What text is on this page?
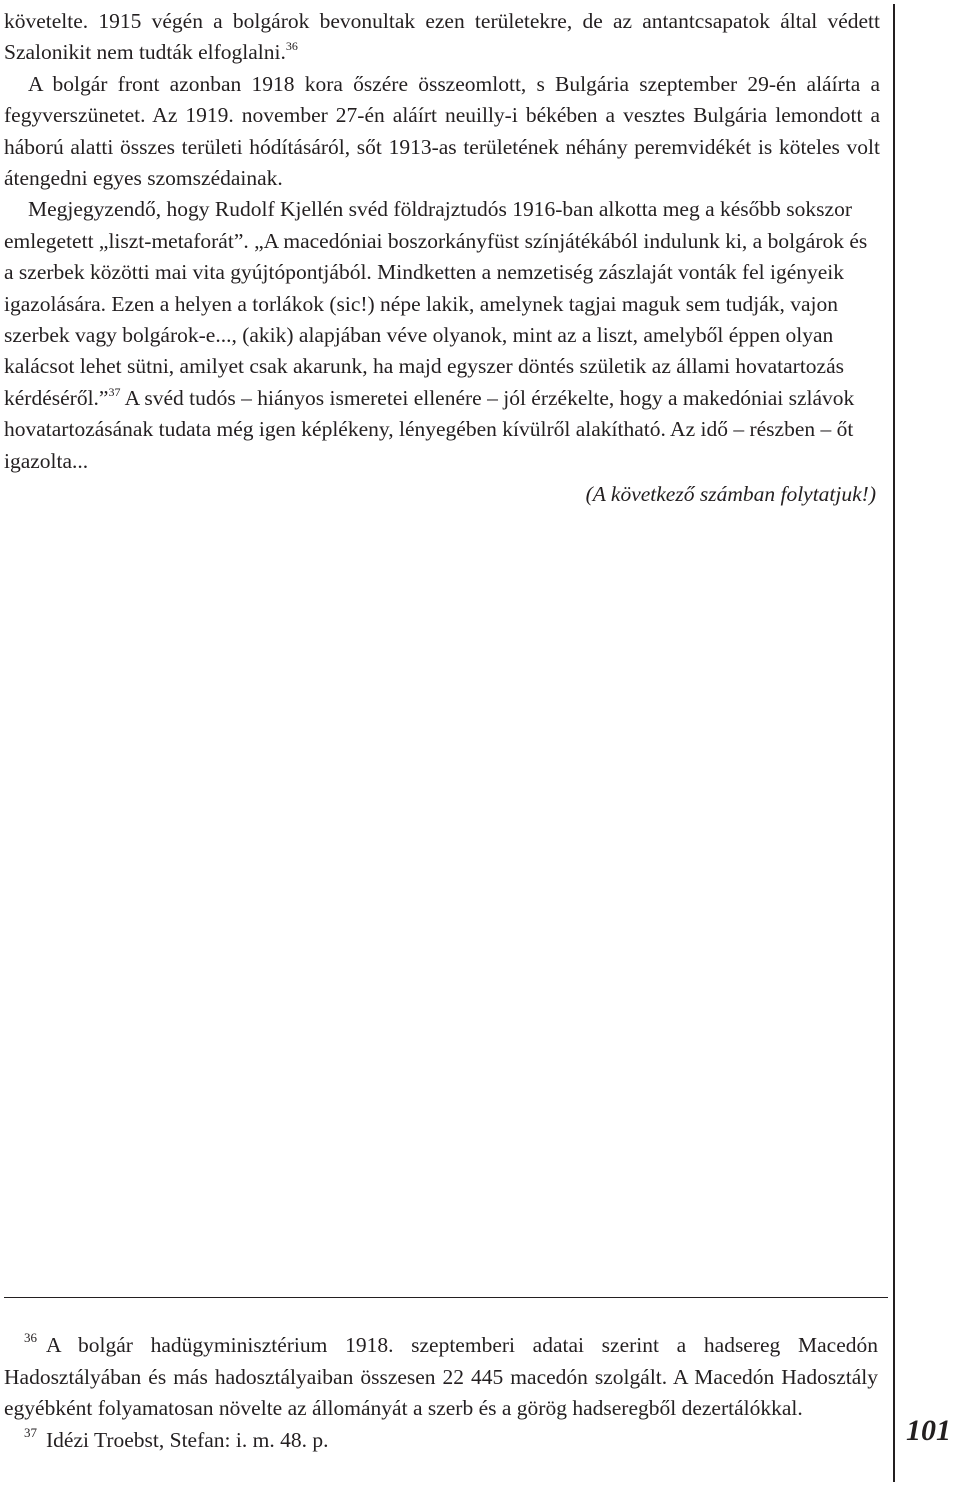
követelte. 1915 végén a bolgárok bevonultak ezen területekre, de az antantcsapatok által védett Szalonikit nem tudták elfoglalni.$^{36}$

A bolgár front azonban 1918 kora őszére összeomlott, s Bulgária szeptember 29-én aláírta a fegyverszünetet. Az 1919. november 27-én aláírt neuilly-i békében a vesztes Bulgária lemondott a háború alatti összes területi hódításáról, sőt 1913-as területének néhány peremvidékét is köteles volt átengedni egyes szomszédainak.

Megjegyzendő, hogy Rudolf Kjellén svéd földrajztudós 1916-ban alkotta meg a később sokszor emlegetett „liszt-metaforát”. „A macedóniai boszorkányfüst színjátékából indulunk ki, a bolgárok és a szerbek közötti mai vita gyújtópontjából. Mindketten a nemzetiség zászlaját vonták fel igényeik igazolására. Ezen a helyen a torlákok (sic!) népe lakik, amelynek tagjai maguk sem tudják, vajon szerbek vagy bolgárok-e..., (akik) alapjában véve olyanok, mint az a liszt, amelyből éppen olyan kalácsot lehet sütni, amilyet csak akarunk, ha majd egyszer döntés születik az állami hovatartozás kérdéséről.”$^{37}$ A svéd tudós – hiányos ismeretei ellenére – jól érzékelte, hogy a makedóniai szlávok hovatartozásának tudata még igen képlékeny, lényegében kívülről alakítható. Az idő – részben – őt igazolta...

(A következő számban folytatjuk!)

36 A bolgár hadügyminisztérium 1918. szeptemberi adatai szerint a hadsereg Macedón Hadosztályában és más hadosztályaiban összesen 22 445 macedón szolgált. A Macedón Hadosztály egyébként folyamatosan növelte az állományát a szerb és a görög hadseregből dezertálókkal.

37 Idézi Troebst, Stefan: i. m. 48. p.	101
